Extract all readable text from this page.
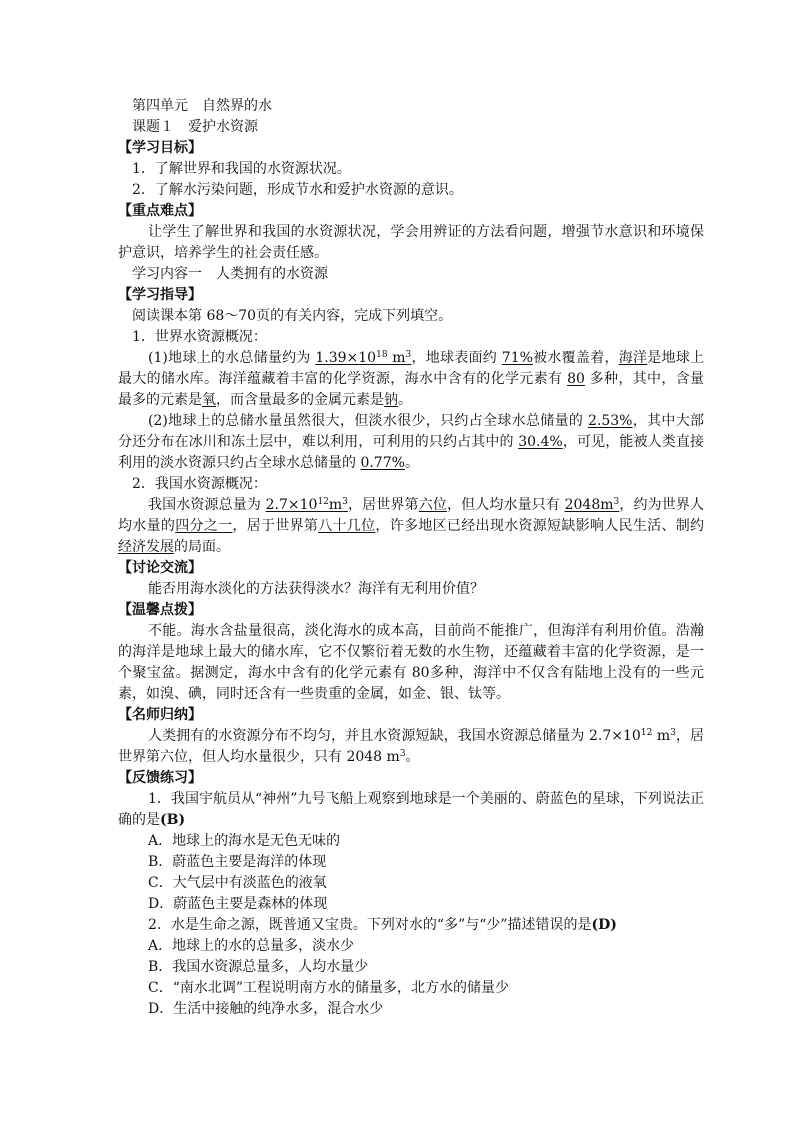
第四单元　自然界的水
课题１　爱护水资源
【学习目标】
1．了解世界和我国的水资源状况。
2．了解水污染问题，形成节水和爱护水资源的意识。
【重点难点】
让学生了解世界和我国的水资源状况，学会用辨证的方法看问题，增强节水意识和环境保护意识，培养学生的社会责任感。
学习内容一　人类拥有的水资源
【学习指导】
阅读课本第 68～70页的有关内容，完成下列填空。
1．世界水资源概况：
(1)地球上的水总储量约为 $1.39\times 10^{18}$ $m^3$，地球表面约 71%被水覆盖着，海洋是地球上最大的储水库。海洋蕴藏着丰富的化学资源，海水中含有的化学元素有 80 多种，其中，含量最多的元素是氧，而含量最多的金属元素是钠。
(2)地球上的总储水量虽然很大，但淡水很少，只约占全球水总储量的 2.53%，其中大部分还分布在冰川和冻土层中，难以利用，可利用的只约占其中的 30.4%，可见，能被人类直接利用的淡水资源只约占全球水总储量的 0.77%。
2．我国水资源概况：
我国水资源总量为 $2.7\times 10^{12}m^3$，居世界第六位，但人均水量只有 $2048m^3$，约为世界人均水量的四分之一，居于世界第八十几位，许多地区已经出现水资源短缺影响人民生活、制约经济发展的局面。
【讨论交流】
能否用海水淡化的方法获得淡水？海洋有无利用价值？
【温馨点拨】
不能。海水含盐量很高，淡化海水的成本高，目前尚不能推广，但海洋有利用价值。浩瀚的海洋是地球上最大的储水库，它不仅繁衍着无数的水生物，还蕴藏着丰富的化学资源，是一个聚宝盆。据测定，海水中含有的化学元素有 80多种，海洋中不仅含有陆地上没有的一些元素，如溴、碘，同时还含有一些贵重的金属，如金、银、钛等。
【名师归纳】
人类拥有的水资源分布不均匀，并且水资源短缺，我国水资源总储量为 $2.7\times 10^{12}$ $m^3$，居世界第六位，但人均水量很少，只有 2048 $m^3$。
【反馈练习】
1．我国宇航员从“神州”九号飞船上观察到地球是一个美丽的、蔚蓝色的星球，下列说法正确的是(B)
A．地球上的海水是无色无味的
B．蔚蓝色主要是海洋的体现
C．大气层中有淡蓝色的液氧
D．蔚蓝色主要是森林的体现
2．水是生命之源，既普通又宝贵。下列对水的“多”与“少”描述错误的是(D)
A．地球上的水的总量多，淡水少
B．我国水资源总量多，人均水量少
C．“南水北调”工程说明南方水的储量多，北方水的储量少
D．生活中接触的纯净水多，混合水少
